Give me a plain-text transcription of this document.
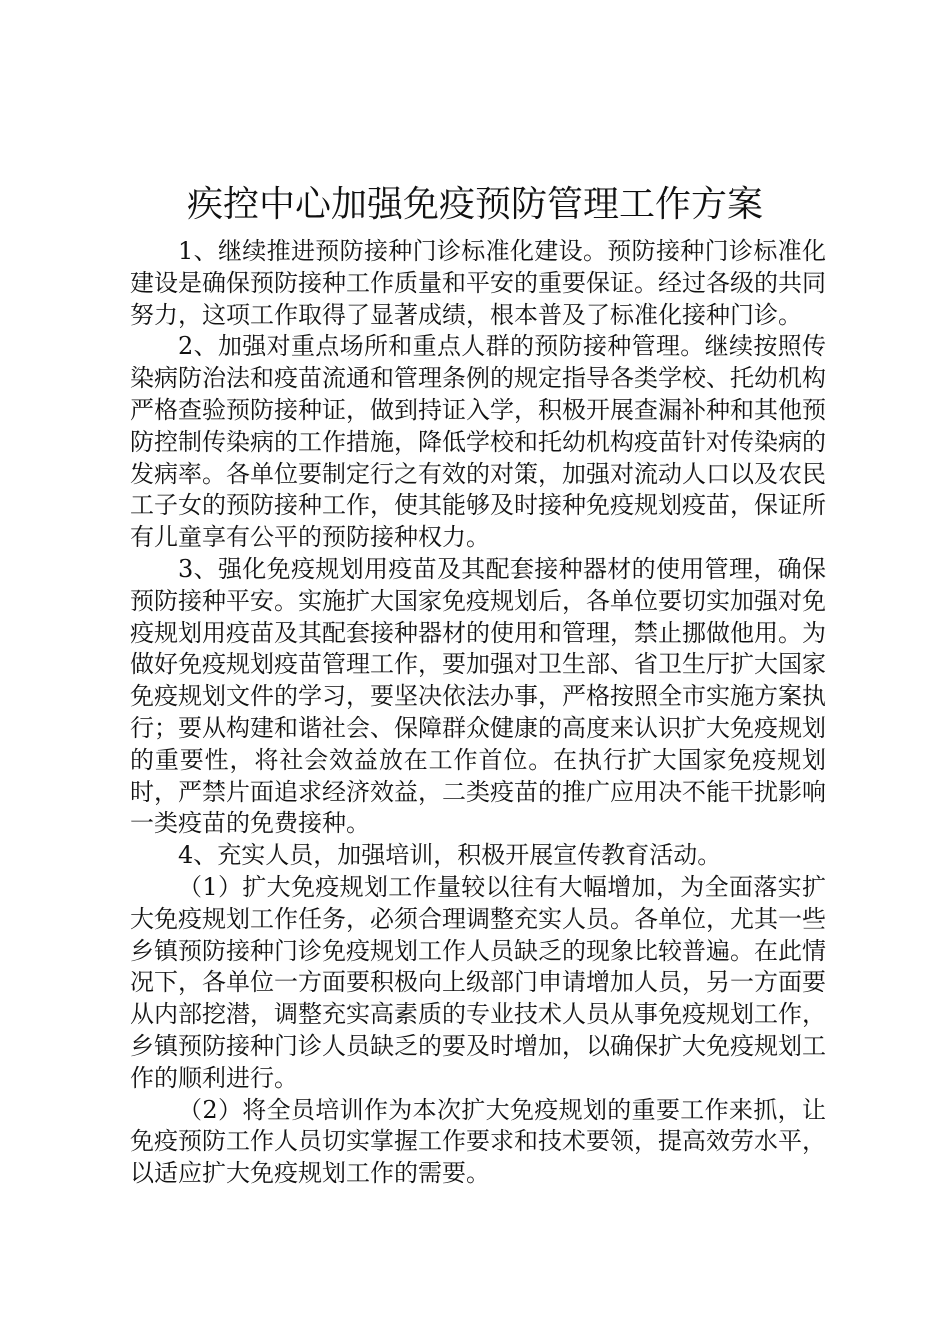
疾控中心加强免疫预防管理工作方案

1、继续推进预防接种门诊标准化建设。预防接种门诊标准化建设是确保预防接种工作质量和平安的重要保证。经过各级的共同努力，这项工作取得了显著成绩，根本普及了标准化接种门诊。

2、加强对重点场所和重点人群的预防接种管理。继续按照传染病防治法和疫苗流通和管理条例的规定指导各类学校、托幼机构严格查验预防接种证，做到持证入学，积极开展查漏补种和其他预防控制传染病的工作措施，降低学校和托幼机构疫苗针对传染病的发病率。各单位要制定行之有效的对策，加强对流动人口以及农民工子女的预防接种工作，使其能够及时接种免疫规划疫苗，保证所有儿童享有公平的预防接种权力。

3、强化免疫规划用疫苗及其配套接种器材的使用管理，确保预防接种平安。实施扩大国家免疫规划后，各单位要切实加强对免疫规划用疫苗及其配套接种器材的使用和管理，禁止挪做他用。为做好免疫规划疫苗管理工作，要加强对卫生部、省卫生厅扩大国家免疫规划文件的学习，要坚决依法办事，严格按照全市实施方案执行；要从构建和谐社会、保障群众健康的高度来认识扩大免疫规划的重要性，将社会效益放在工作首位。在执行扩大国家免疫规划时，严禁片面追求经济效益，二类疫苗的推广应用决不能干扰影响一类疫苗的免费接种。

4、充实人员，加强培训，积极开展宣传教育活动。

（1）扩大免疫规划工作量较以往有大幅增加，为全面落实扩大免疫规划工作任务，必须合理调整充实人员。各单位，尤其一些乡镇预防接种门诊免疫规划工作人员缺乏的现象比较普遍。在此情况下，各单位一方面要积极向上级部门申请增加人员，另一方面要从内部挖潜，调整充实高素质的专业技术人员从事免疫规划工作，乡镇预防接种门诊人员缺乏的要及时增加，以确保扩大免疫规划工作的顺利进行。

（2）将全员培训作为本次扩大免疫规划的重要工作来抓，让免疫预防工作人员切实掌握工作要求和技术要领，提高效劳水平，以适应扩大免疫规划工作的需要。
